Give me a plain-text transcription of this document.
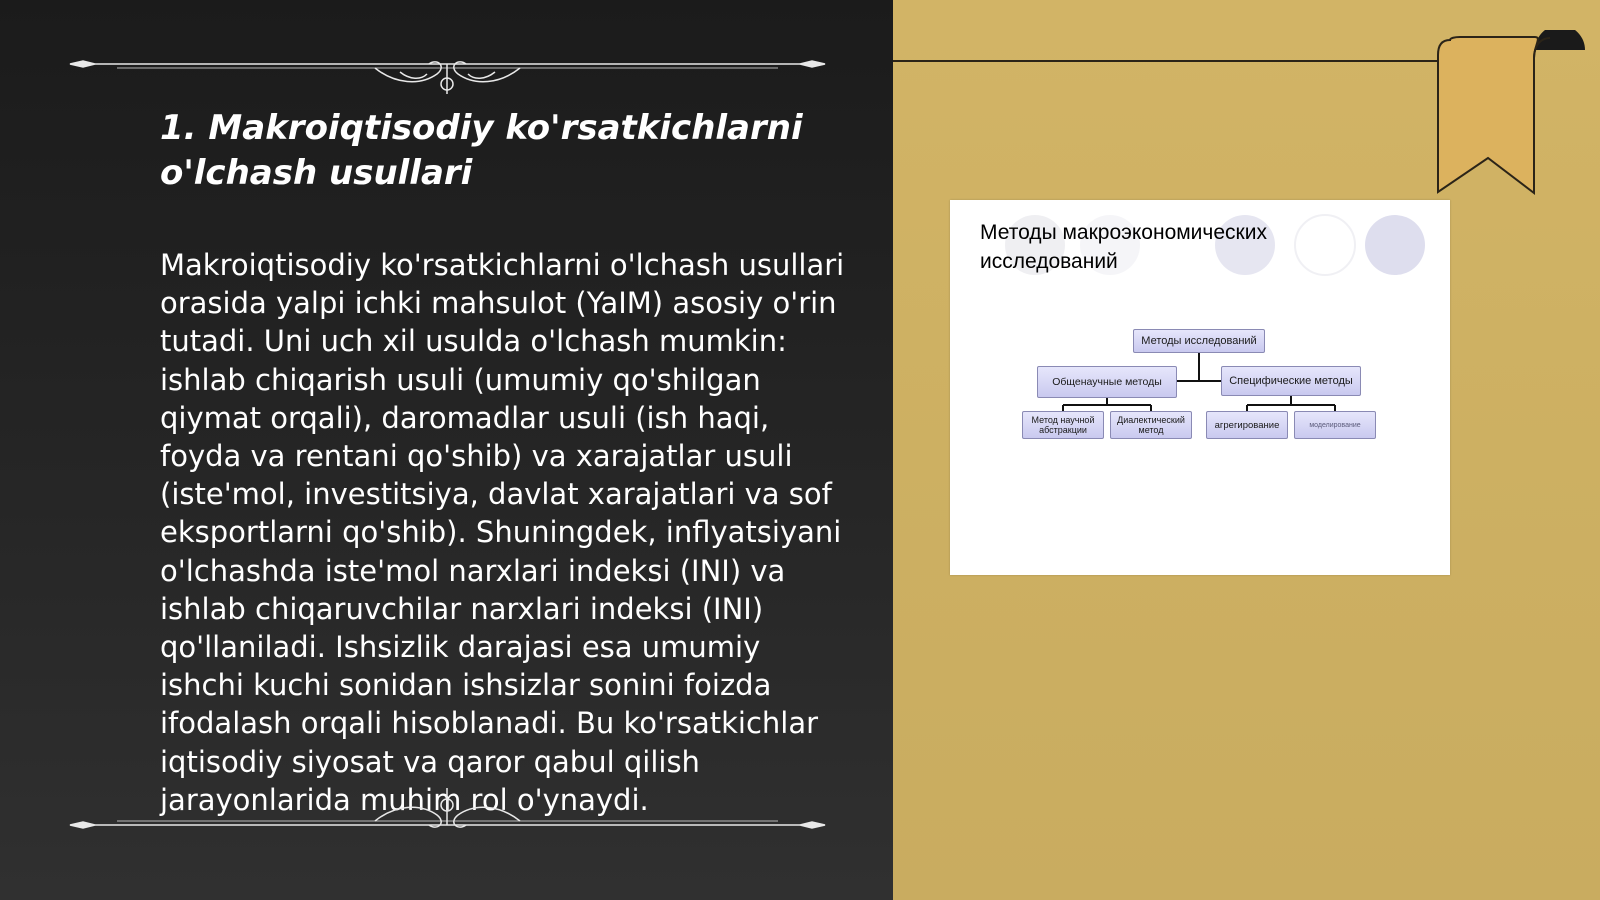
1. Makroiqtisodiy ko'rsatkichlarni o'lchash usullari

Makroiqtisodiy ko'rsatkichlarni o'lchash usullari orasida yalpi ichki mahsulot (YaIM) asosiy o'rin tutadi. Uni uch xil usulda o'lchash mumkin: ishlab chiqarish usuli (umumiy qo'shilgan qiymat orqali), daromadlar usuli (ish haqi, foyda va rentani qo'shib) va xarajatlar usuli (iste'mol, investitsiya, davlat xarajatlari va sof eksportlarni qo'shib). Shuningdek, inflyatsiyani o'lchashda iste'mol narxlari indeksi (INI) va ishlab chiqaruvchilar narxlari indeksi (INI) qo'llaniladi. Ishsizlik darajasi esa umumiy ishchi kuchi sonidan ishsizlar sonini foizda ifodalash orqali hisoblanadi. Bu ko'rsatkichlar iqtisodiy siyosat va qaror qabul qilish jarayonlarida muhim rol o'ynaydi.

Методы макроэкономических исследований

Методы исследований
Общенаучные методы	Специфические методы
Метод научной абстракции
Диалектический метод	агрегирование	моделирование
